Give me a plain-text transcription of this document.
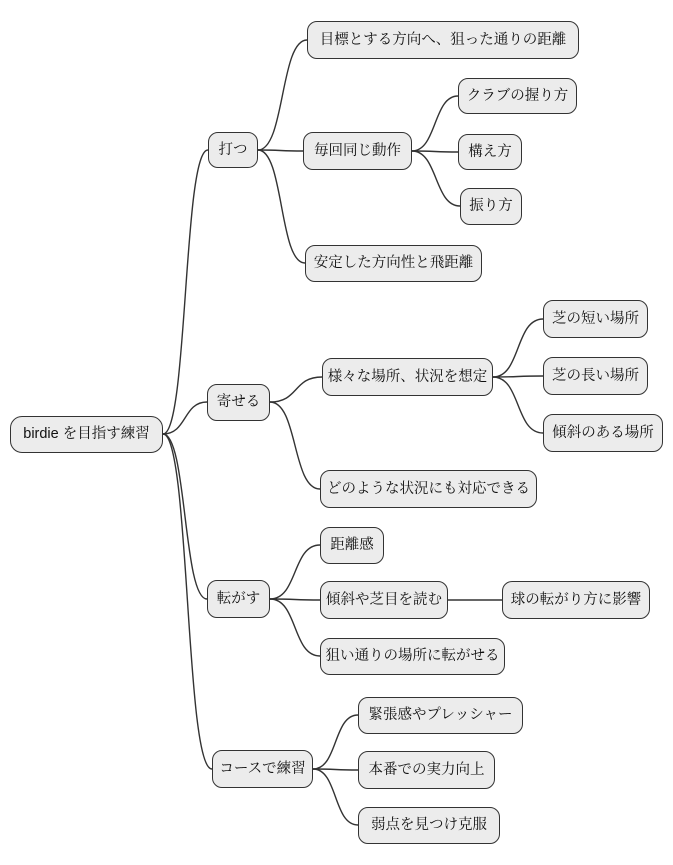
birdie を目指す練習
打つ
目標とする方向へ、狙った通りの距離
毎回同じ動作
クラブの握り方
構え方
振り方
安定した方向性と飛距離
寄せる
様々な場所、状況を想定
芝の短い場所
芝の長い場所
傾斜のある場所
どのような状況にも対応できる
転がす
距離感
傾斜や芝目を読む	球の転がり方に影響
狙い通りの場所に転がせる
コースで練習
緊張感やプレッシャー
本番での実力向上
弱点を見つけ克服
